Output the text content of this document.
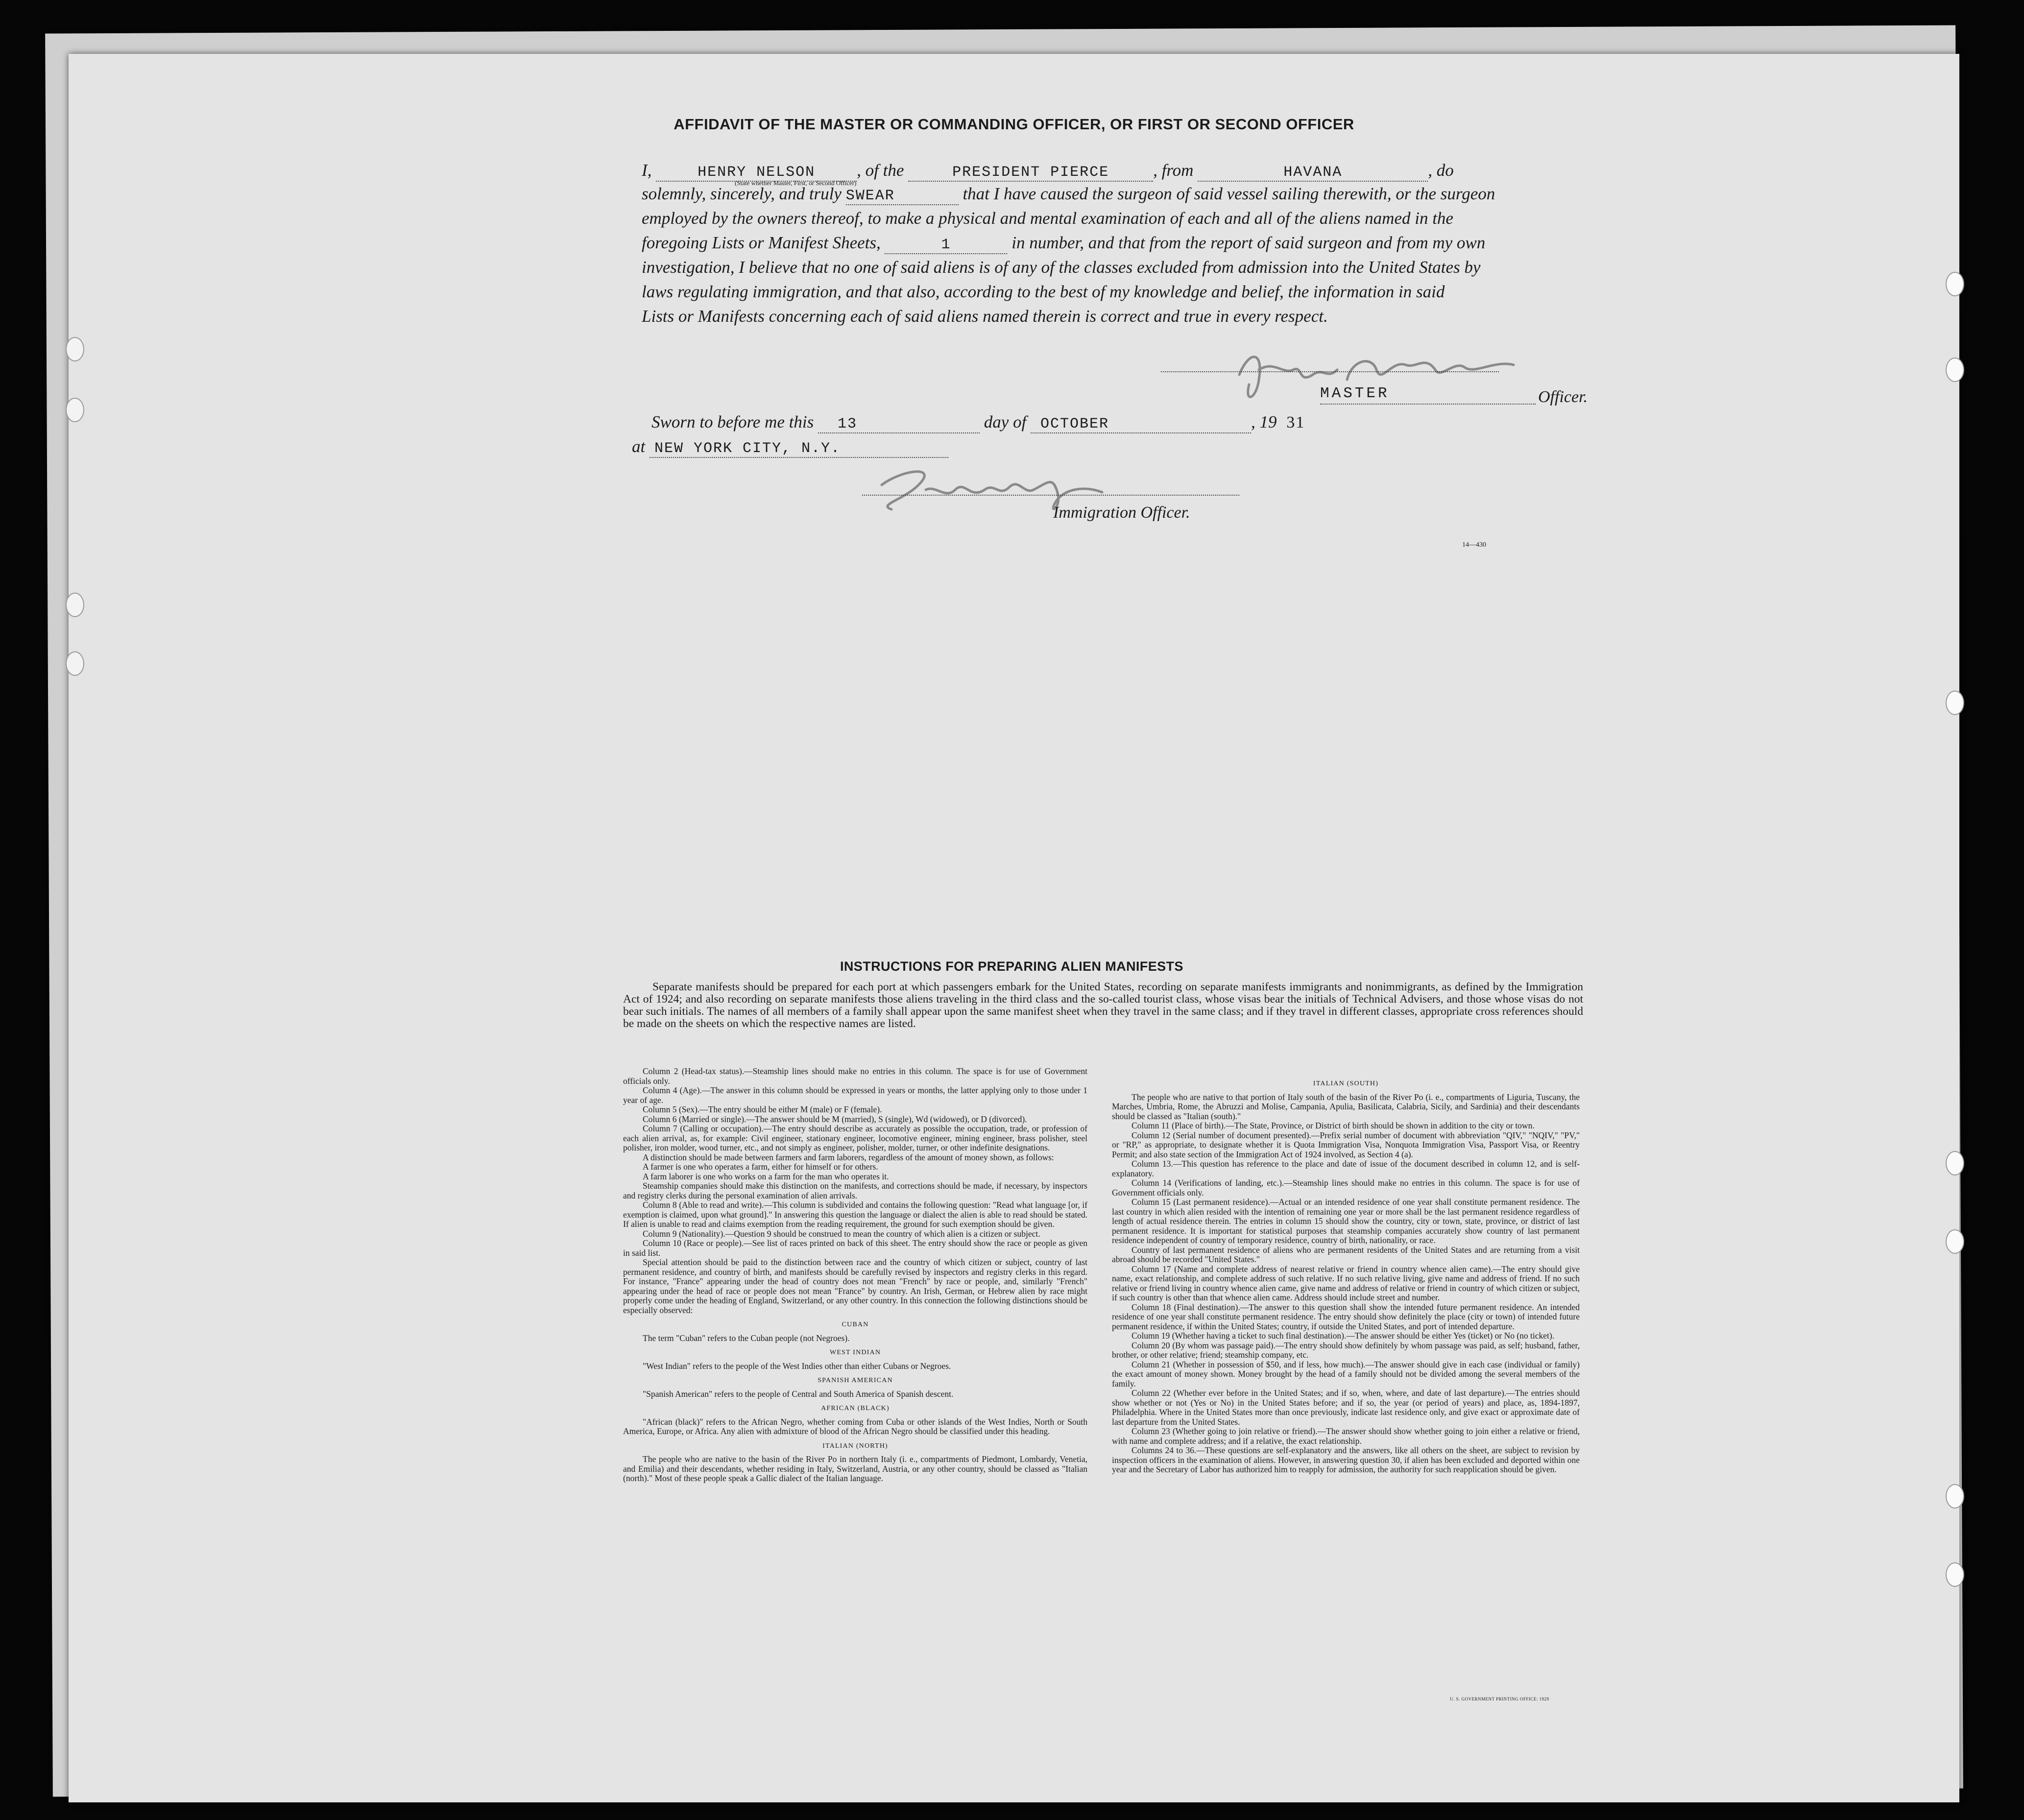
AFFIDAVIT OF THE MASTER OR COMMANDING OFFICER, OR FIRST OR SECOND OFFICER
I,	HENRY NELSON , of the	PRESIDENT PIERCE	, from	HAVANA	, do
solemnly, sincerely, and truly SWEAR	that I have caused the surgeon of said vessel sailing therewith, or the surgeon
(State whether Master, First, or Second Officer)
employed by the owners thereof, to make a physical and mental examination of each and all of the aliens named in the
foregoing Lists or Manifest Sheets,	1	in number, and that from the report of said surgeon and from my own
investigation, I believe that no one of said aliens is of any of the classes excluded from admission into the United States by
laws regulating immigration, and that also, according to the best of my knowledge and belief, the information in said
Lists or Manifests concerning each of said aliens named therein is correct and true in every respect.
MASTER	Officer.
Sworn to before me this 13	day of OCTOBER	, 19 31
at NEW YORK CITY, N.Y.
Immigration Officer.
14—430
INSTRUCTIONS FOR PREPARING ALIEN MANIFESTS
Separate manifests should be prepared for each port at which passengers embark for the United States, recording on separate manifests immigrants and nonimmigrants, as defined by the Immigration Act of 1924; and also recording on separate manifests those aliens traveling in the third class and the so-called tourist class, whose visas bear the initials of Technical Advisers, and those whose visas do not bear such initials. The names of all members of a family shall appear upon the same manifest sheet when they travel in the same class; and if they travel in different classes, appropriate cross references should be made on the sheets on which the respective names are listed.

Column 2 (Head-tax status).—Steamship lines should make no entries in this column. The space is for use of Government officials only.

Column 4 (Age).—The answer in this column should be expressed in years or months, the latter applying only to those under 1 year of age.

Column 5 (Sex).—The entry should be either M (male) or F (female).

Column 6 (Married or single).—The answer should be M (married), S (single), Wd (widowed), or D (divorced).

Column 7 (Calling or occupation).—The entry should describe as accurately as possible the occupation, trade, or profession of each alien arrival, as, for example: Civil engineer, stationary engineer, locomotive engineer, mining engineer, brass polisher, steel polisher, iron molder, wood turner, etc., and not simply as engineer, polisher, molder, turner, or other indefinite designations.

A distinction should be made between farmers and farm laborers, regardless of the amount of money shown, as follows:

A farmer is one who operates a farm, either for himself or for others.

A farm laborer is one who works on a farm for the man who operates it.

Steamship companies should make this distinction on the manifests, and corrections should be made, if necessary, by inspectors and registry clerks during the personal examination of alien arrivals.

Column 8 (Able to read and write).—This column is subdivided and contains the following question: "Read what language [or, if exemption is claimed, upon what ground]." In answering this question the language or dialect the alien is able to read should be stated. If alien is unable to read and claims exemption from the reading requirement, the ground for such exemption should be given.

Column 9 (Nationality).—Question 9 should be construed to mean the country of which alien is a citizen or subject.

Column 10 (Race or people).—See list of races printed on back of this sheet. The entry should show the race or people as given in said list.

Special attention should be paid to the distinction between race and the country of which citizen or subject, country of last permanent residence, and country of birth, and manifests should be carefully revised by inspectors and registry clerks in this regard. For instance, "France" appearing under the head of country does not mean "French" by race or people, and, similarly "French" appearing under the head of race or people does not mean "France" by country. An Irish, German, or Hebrew alien by race might properly come under the heading of England, Switzerland, or any other country. In this connection the following distinctions should be especially observed:

CUBAN

The term "Cuban" refers to the Cuban people (not Negroes).

WEST INDIAN

"West Indian" refers to the people of the West Indies other than either Cubans or Negroes.

SPANISH AMERICAN

"Spanish American" refers to the people of Central and South America of Spanish descent.

AFRICAN (BLACK)

"African (black)" refers to the African Negro, whether coming from Cuba or other islands of the West Indies, North or South America, Europe, or Africa. Any alien with admixture of blood of the African Negro should be classified under this heading.

ITALIAN (NORTH)

The people who are native to the basin of the River Po in northern Italy (i. e., compartments of Piedmont, Lombardy, Venetia, and Emilia) and their descendants, whether residing in Italy, Switzerland, Austria, or any other country, should be classed as "Italian (north)." Most of these people speak a Gallic dialect of the Italian language.

ITALIAN (SOUTH)

The people who are native to that portion of Italy south of the basin of the River Po (i. e., compartments of Liguria, Tuscany, the Marches, Umbria, Rome, the Abruzzi and Molise, Campania, Apulia, Basilicata, Calabria, Sicily, and Sardinia) and their descendants should be classed as "Italian (south)."

Column 11 (Place of birth).—The State, Province, or District of birth should be shown in addition to the city or town.

Column 12 (Serial number of document presented).—Prefix serial number of document with abbreviation "QIV," "NQIV," "PV," or "RP," as appropriate, to designate whether it is Quota Immigration Visa, Nonquota Immigration Visa, Passport Visa, or Reentry Permit; and also state section of the Immigration Act of 1924 involved, as Section 4 (a).

Column 13.—This question has reference to the place and date of issue of the document described in column 12, and is self-explanatory.

Column 14 (Verifications of landing, etc.).—Steamship lines should make no entries in this column. The space is for use of Government officials only.

Column 15 (Last permanent residence).—Actual or an intended residence of one year shall constitute permanent residence. The last country in which alien resided with the intention of remaining one year or more shall be the last permanent residence regardless of length of actual residence therein. The entries in column 15 should show the country, city or town, state, province, or district of last permanent residence. It is important for statistical purposes that steamship companies accurately show country of last permanent residence independent of country of temporary residence, country of birth, nationality, or race.

Country of last permanent residence of aliens who are permanent residents of the United States and are returning from a visit abroad should be recorded "United States."

Column 17 (Name and complete address of nearest relative or friend in country whence alien came).—The entry should give name, exact relationship, and complete address of such relative. If no such relative living, give name and address of friend. If no such relative or friend living in country whence alien came, give name and address of relative or friend in country of which citizen or subject, if such country is other than that whence alien came. Address should include street and number.

Column 18 (Final destination).—The answer to this question shall show the intended future permanent residence. An intended residence of one year shall constitute permanent residence. The entry should show definitely the place (city or town) of intended future permanent residence, if within the United States; country, if outside the United States, and port of intended departure.

Column 19 (Whether having a ticket to such final destination).—The answer should be either Yes (ticket) or No (no ticket).

Column 20 (By whom was passage paid).—The entry should show definitely by whom passage was paid, as self; husband, father, brother, or other relative; friend; steamship company, etc.

Column 21 (Whether in possession of $50, and if less, how much).—The answer should give in each case (individual or family) the exact amount of money shown. Money brought by the head of a family should not be divided among the several members of the family.

Column 22 (Whether ever before in the United States; and if so, when, where, and date of last departure).—The entries should show whether or not (Yes or No) in the United States before; and if so, the year (or period of years) and place, as, 1894-1897, Philadelphia. Where in the United States more than once previously, indicate last residence only, and give exact or approximate date of last departure from the United States.

Column 23 (Whether going to join relative or friend).—The answer should show whether going to join either a relative or friend, with name and complete address; and if a relative, the exact relationship.

Columns 24 to 36.—These questions are self-explanatory and the answers, like all others on the sheet, are subject to revision by inspection officers in the examination of aliens. However, in answering question 30, if alien has been excluded and deported within one year and the Secretary of Labor has authorized him to reapply for admission, the authority for such reapplication should be given.

U. S. GOVERNMENT PRINTING OFFICE: 1929
